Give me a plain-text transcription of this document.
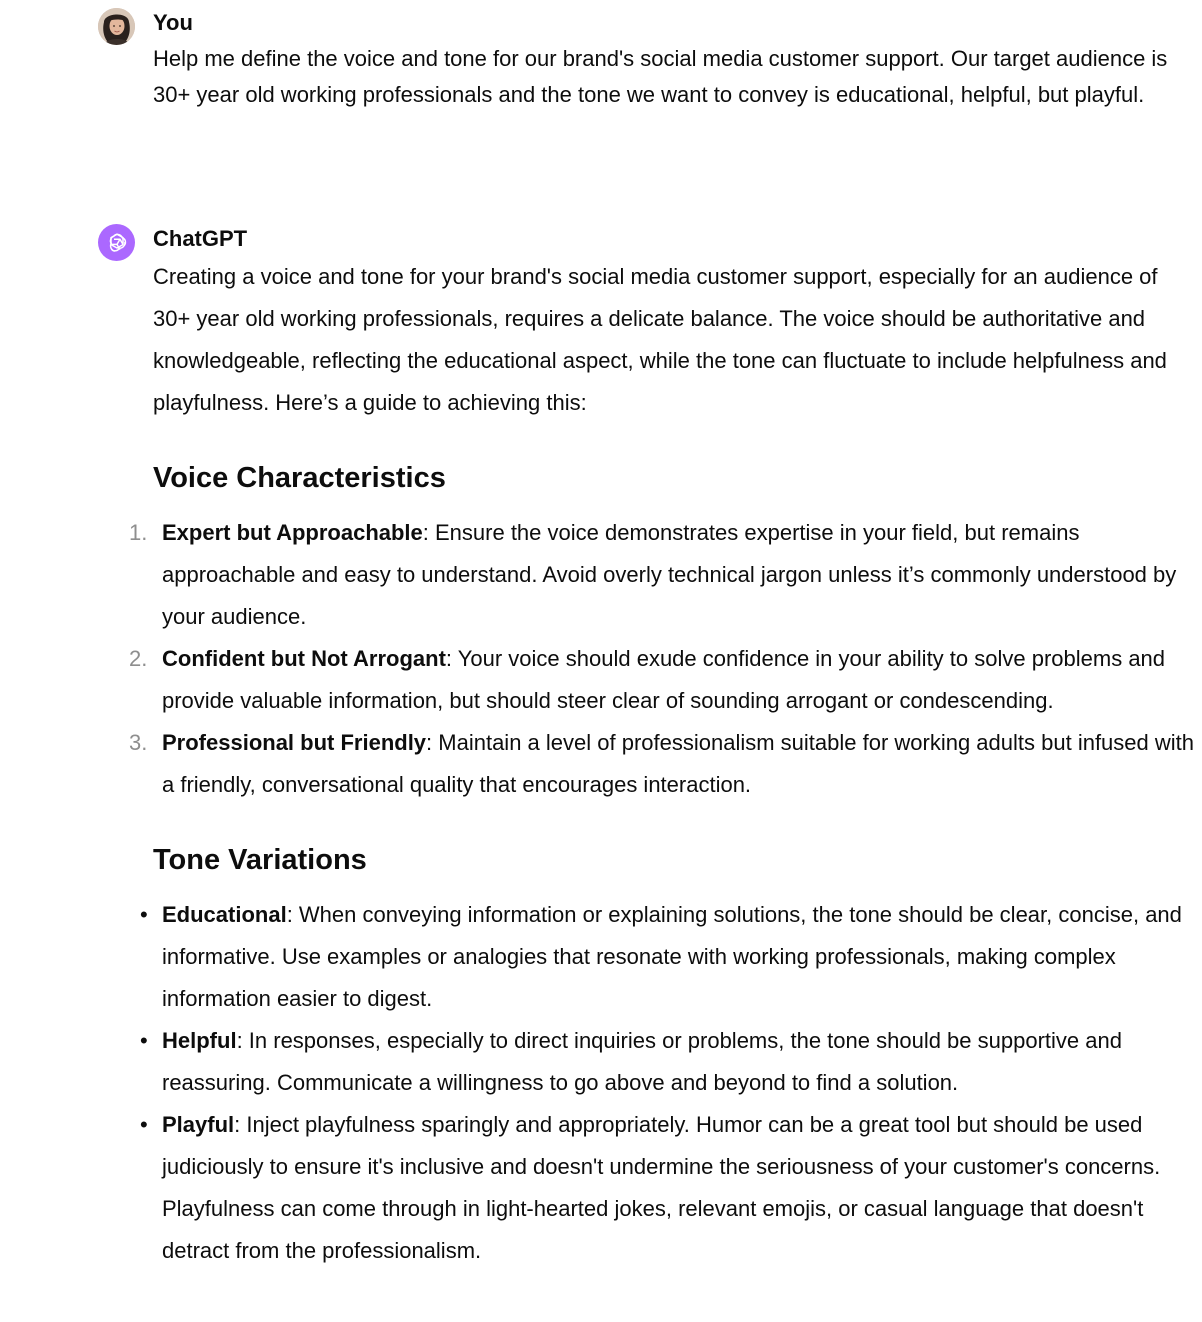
You
Help me define the voice and tone for our brand's social media customer support. Our target audience is 30+ year old working professionals and the tone we want to convey is educational, helpful, but playful.
ChatGPT

Creating a voice and tone for your brand's social media customer support, especially for an audience of 30+ year old working professionals, requires a delicate balance. The voice should be authoritative and knowledgeable, reflecting the educational aspect, while the tone can fluctuate to include helpfulness and playfulness. Here’s a guide to achieving this:

Voice Characteristics
1. Expert but Approachable: Ensure the voice demonstrates expertise in your field, but remains approachable and easy to understand. Avoid overly technical jargon unless it’s commonly understood by your audience.
2. Confident but Not Arrogant: Your voice should exude confidence in your ability to solve problems and provide valuable information, but should steer clear of sounding arrogant or condescending.
3. Professional but Friendly: Maintain a level of professionalism suitable for working adults but infused with a friendly, conversational quality that encourages interaction.
Tone Variations
• Educational: When conveying information or explaining solutions, the tone should be clear, concise, and informative. Use examples or analogies that resonate with working professionals, making complex information easier to digest.
• Helpful: In responses, especially to direct inquiries or problems, the tone should be supportive and reassuring. Communicate a willingness to go above and beyond to find a solution.
• Playful: Inject playfulness sparingly and appropriately. Humor can be a great tool but should be used judiciously to ensure it's inclusive and doesn't undermine the seriousness of your customer's concerns. Playfulness can come through in light-hearted jokes, relevant emojis, or casual language that doesn't detract from the professionalism.
